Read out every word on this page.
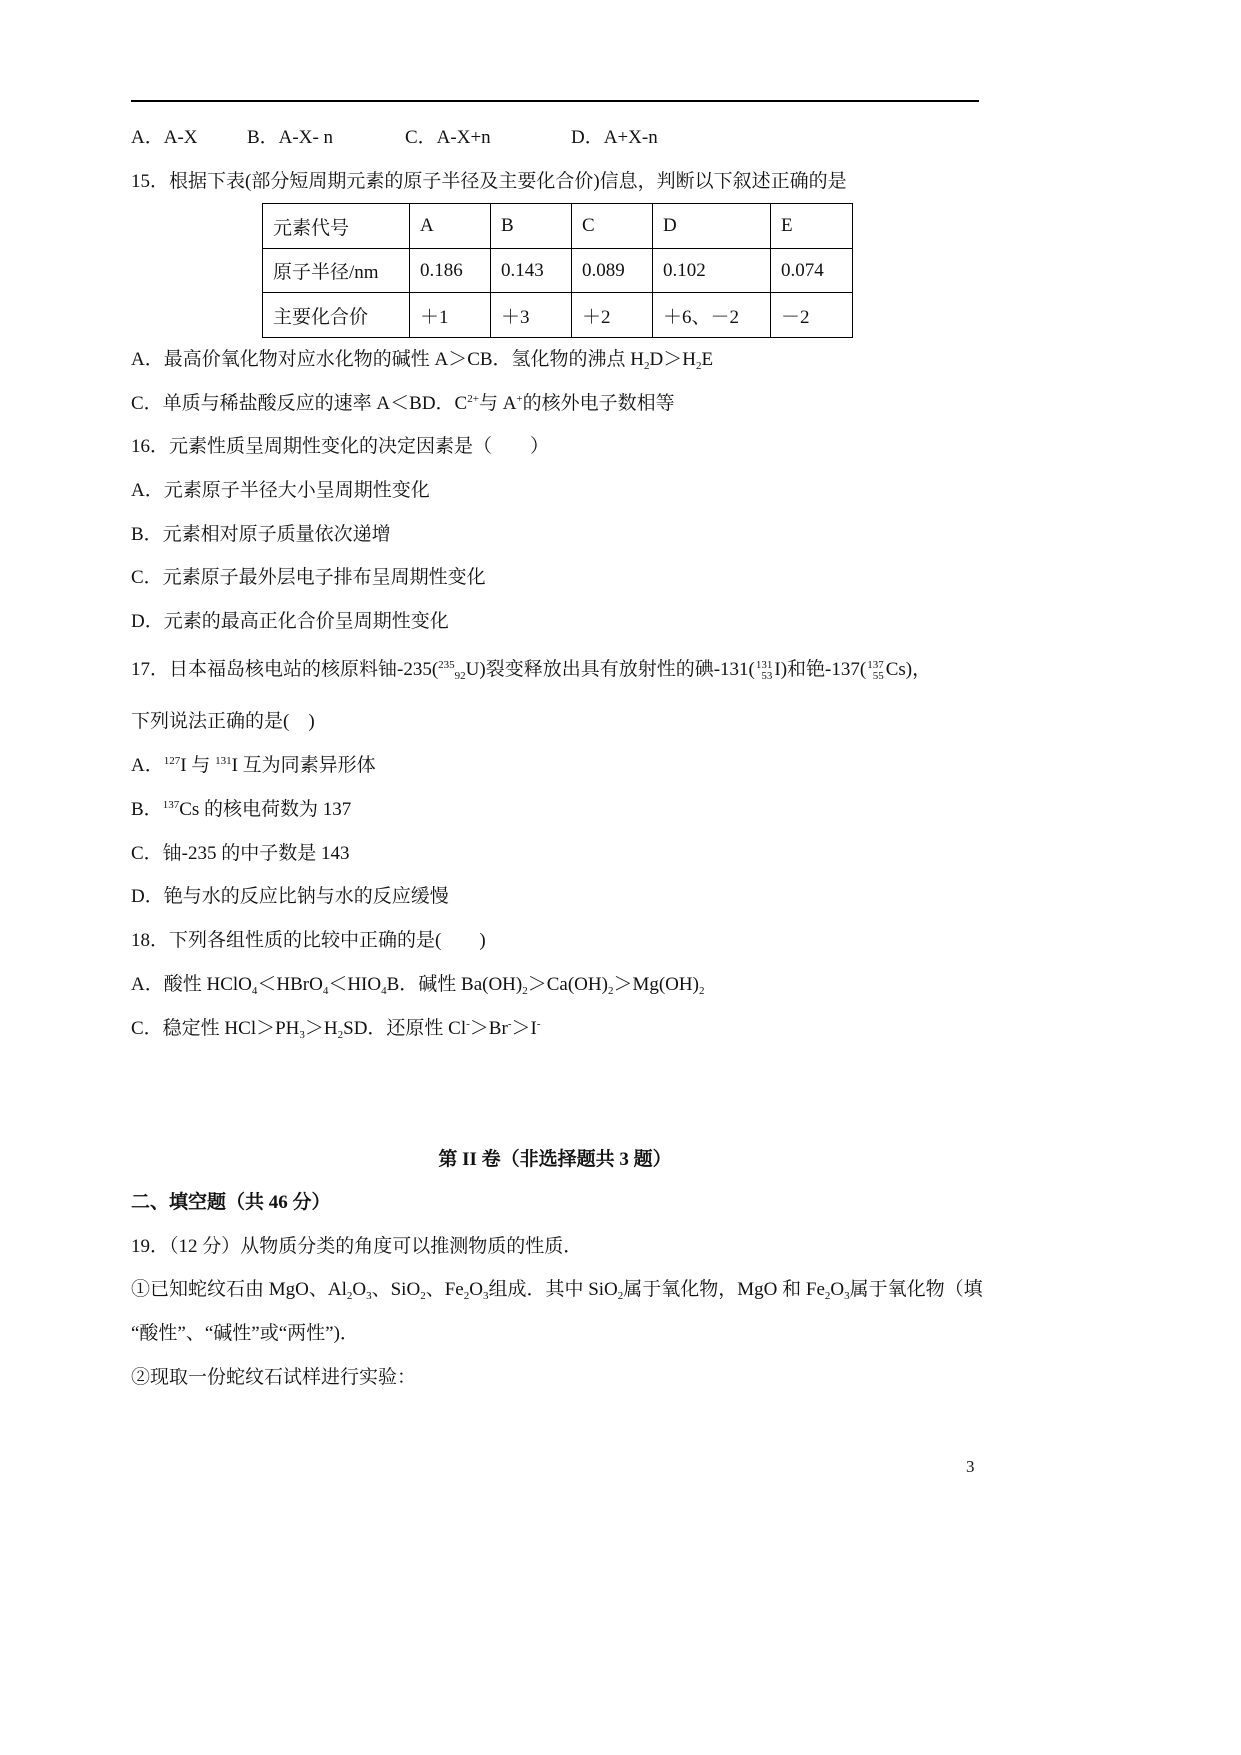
A．A-X	B．A-X- n	C．A-X+n	D．A+X-n
15．根据下表(部分短周期元素的原子半径及主要化合价)信息，判断以下叙述正确的是
元素代号	A	B	C	D	E
原子半径/nm	0.186	0.143	0.089	0.102	0.074
主要化合价	＋1	＋3	＋2	＋6、－2	－2
A．最高价氧化物对应水化物的碱性 A＞CB．氢化物的沸点 $H_2D>H_2E$
C．单质与稀盐酸反应的速率 A＜BD．$C^{2+}$与 A+的核外电子数相等
16．元素性质呈周期性变化的决定因素是（　　）
A．元素原子半径大小呈周期性变化
B．元素相对原子质量依次递增
C．元素原子最外层电子排布呈周期性变化
D．元素的最高正化合价呈周期性变化
17．日本福岛核电站的核原料铀-235($^{235}_{92}$U)裂变释放出具有放射性的碘-131( 131
53 I)和铯-137( 137
55 Cs)，
下列说法正确的是(　)
A．$^{127}$I 与 $^{131}$I 互为同素异形体
B．$^{137}$Cs 的核电荷数为 137
C．铀-235 的中子数是 143
D．铯与水的反应比钠与水的反应缓慢
18．下列各组性质的比较中正确的是(　　)
A．酸性 $HClO_4<HBrO_4<HIO_4B$．碱性 $Ba(OH)_2>Ca(OH)_2>Mg(OH)_2$
C．稳定性 $HCl>PH_3>H_2SD$．还原性 Cl-＞Br-＞I-
第 II 卷（非选择题共 3 题）
二、填空题（共 46 分）
19．（12 分）从物质分类的角度可以推测物质的性质．
①已知蛇纹石由 MgO、$Al_2O_3$、SiO$_2$、$Fe_2O_3$组成．其中 SiO$_2$属于氧化物，MgO 和 $Fe_2O_3$属于氧化物（填
“酸性”、“碱性”或“两性”)．
②现取一份蛇纹石试样进行实验：
3
